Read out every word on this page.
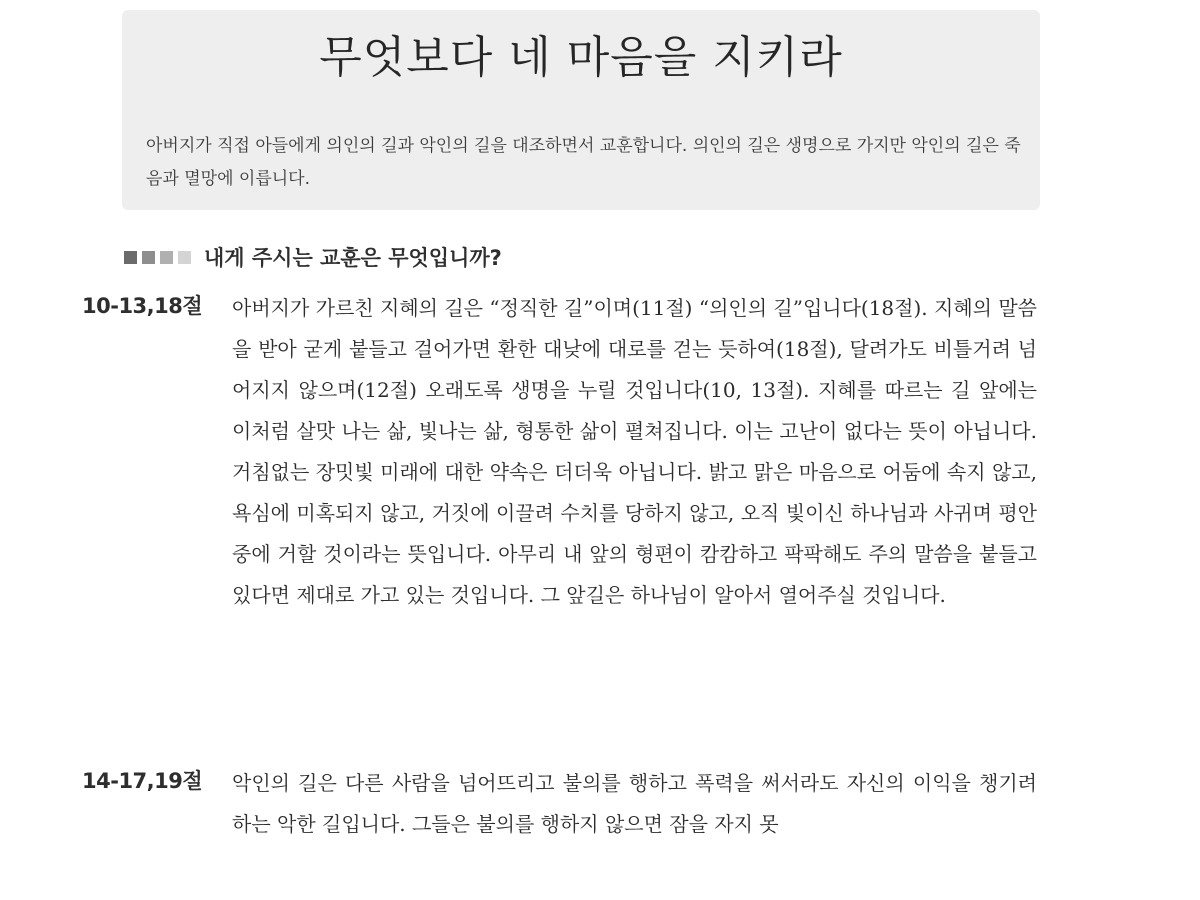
무엇보다 네 마음을 지키라

아버지가 직접 아들에게 의인의 길과 악인의 길을 대조하면서 교훈합니다. 의인의 길은 생명으로 가지만 악인의 길은 죽음과 멸망에 이릅니다.

내게 주시는 교훈은 무엇입니까?
10-13,18절 아버지가 가르친 지혜의 길은 “정직한 길”이며(11절) “의인의 길”입니다(18절). 지혜의 말씀을 받아 굳게 붙들고 걸어가면 환한 대낮에 대로를 걷는 듯하여(18절), 달려가도 비틀거려 넘어지지 않으며(12절) 오래도록 생명을 누릴 것입니다(10, 13절). 지혜를 따르는 길 앞에는 이처럼 살맛 나는 삶, 빛나는 삶, 형통한 삶이 펼쳐집니다. 이는 고난이 없다는 뜻이 아닙니다. 거침없는 장밋빛 미래에 대한 약속은 더더욱 아닙니다. 밝고 맑은 마음으로 어둠에 속지 않고, 욕심에 미혹되지 않고, 거짓에 이끌려 수치를 당하지 않고, 오직 빛이신 하나님과 사귀며 평안 중에 거할 것이라는 뜻입니다. 아무리 내 앞의 형편이 캄캄하고 팍팍해도 주의 말씀을 붙들고 있다면 제대로 가고 있는 것입니다. 그 앞길은 하나님이 알아서 열어주실 것입니다.

14-17,19절 악인의 길은 다른 사람을 넘어뜨리고 불의를 행하고 폭력을 써서라도 자신의 이익을 챙기려 하는 악한 길입니다. 그들은 불의를 행하지 않으면 잠을 자지 못
